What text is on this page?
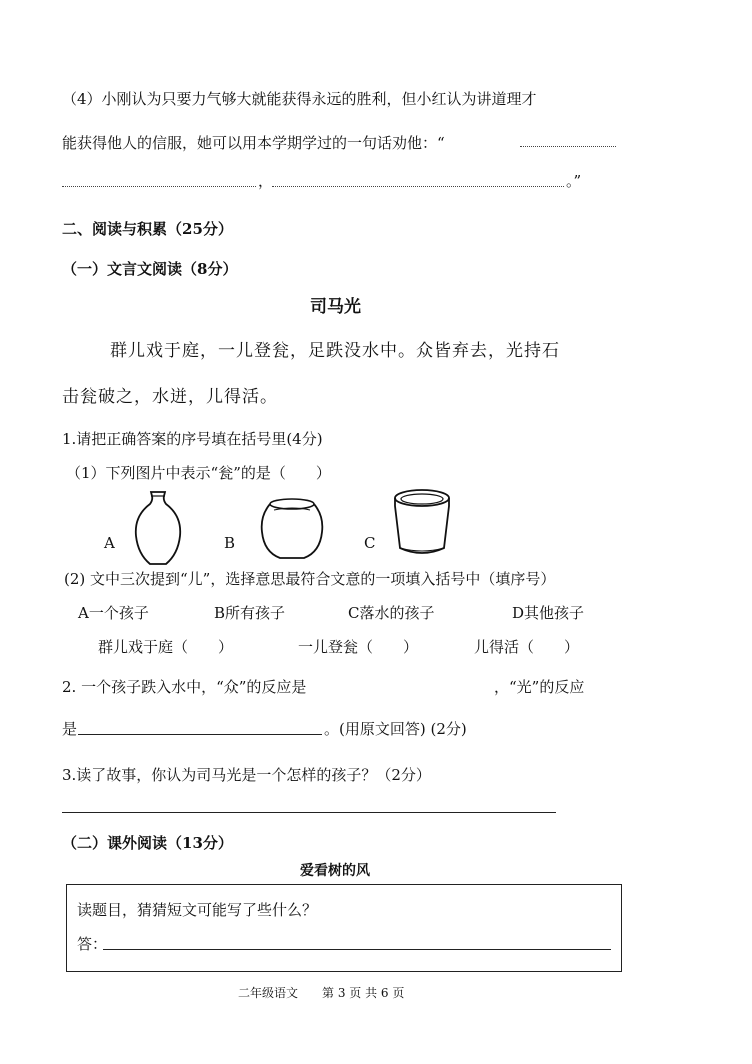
（4）小刚认为只要力气够大就能获得永远的胜利，但小红认为讲道理才
能获得他人的信服，她可以用本学期学过的一句话劝他：“
，	。”
二、阅读与积累（25分）
（一）文言文阅读（8分）
司马光
群儿戏于庭，一儿登瓮，足跌没水中。众皆弃去，光持石
击瓮破之，水迸，儿得活。
1.请把正确答案的序号填在括号里(4分)
（1）下列图片中表示“瓮”的是（　　）
A	B	C
(2) 文中三次提到“儿”，选择意思最符合文意的一项填入括号中（填序号）
A一个孩子	B所有孩子	C落水的孩子	D其他孩子
群儿戏于庭（　　）	一儿登瓮（　　）	儿得活（　　）
2. 一个孩子跌入水中，“众”的反应是	，“光”的反应
是	。(用原文回答) (2分)
3.读了故事，你认为司马光是一个怎样的孩子？（2分）
（二）课外阅读（13分）
爱看树的风
读题目，猜猜短文可能写了些什么？
答：
二年级语文　　第 3 页 共 6 页
